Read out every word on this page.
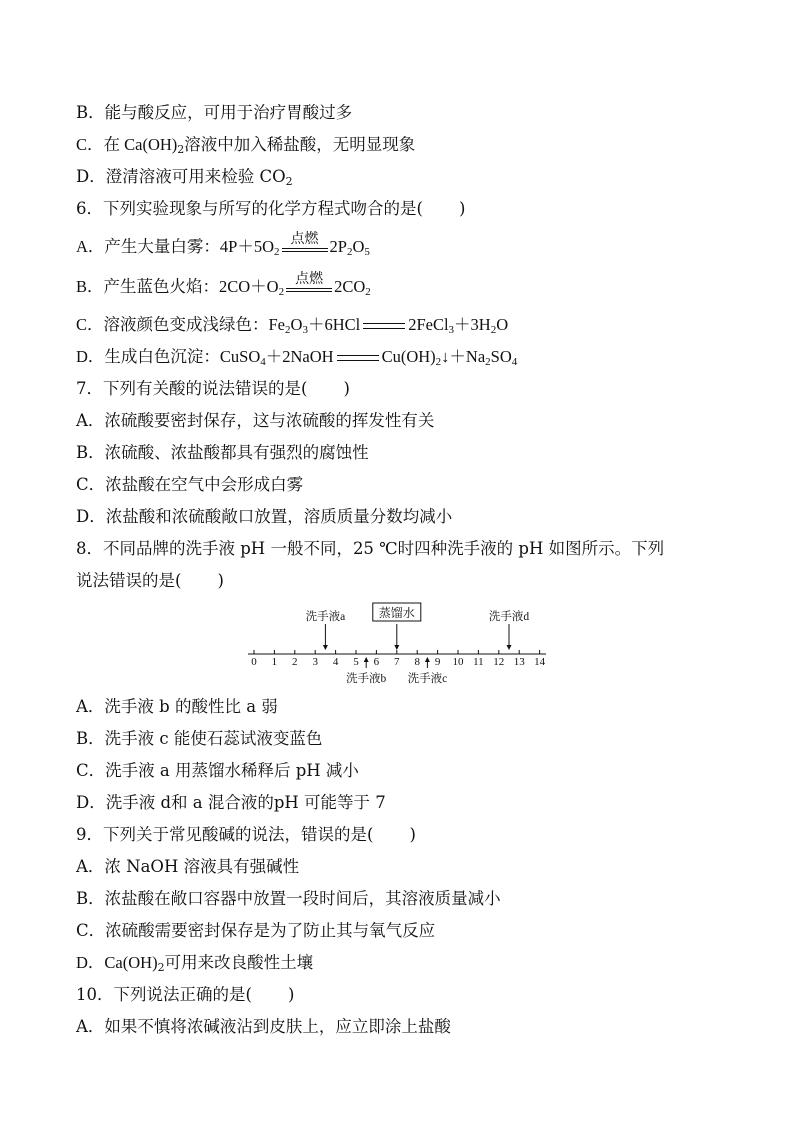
B．能与酸反应，可用于治疗胃酸过多
C．在 $Ca(OH)_2$溶液中加入稀盐酸，无明显现象
D．澄清溶液可用来检验 $CO_2$
6．下列实验现象与所写的化学方程式吻合的是( )
A．产生大量白雾：$4P+5O_2$
点燃 $2P_2O_5$
B．产生蓝色火焰：$2CO+O_2$
点燃 $2CO_2$
C．溶液颜色变成浅绿色：$Fe_2O_3+6HCl$	$2FeCl_3+3H_2O$
D．生成白色沉淀：CuSO$_4$＋2NaOH	$Cu(OH)_2↓+Na_2SO_4$
7．下列有关酸的说法错误的是( )
A．浓硫酸要密封保存，这与浓硫酸的挥发性有关
B．浓硫酸、浓盐酸都具有强烈的腐蚀性
C．浓盐酸在空气中会形成白雾
D．浓盐酸和浓硫酸敞口放置，溶质质量分数均减小
8．不同品牌的洗手液 pH 一般不同，25 ℃时四种洗手液的 pH 如图所示。下列
说法错误的是( )
0 1 2 3 4 5 6 7 8 9 10 11 12 13 14
洗手液a	蒸馏水	洗手液d
洗手液b 洗手液c
A．洗手液 b 的酸性比 a 弱
B．洗手液 c 能使石蕊试液变蓝色
C．洗手液 a 用蒸馏水稀释后 pH 减小
D．洗手液 d和 a 混合液的pH 可能等于 7
9．下列关于常见酸碱的说法，错误的是( )
A．浓 NaOH 溶液具有强碱性
B．浓盐酸在敞口容器中放置一段时间后，其溶液质量减小
C．浓硫酸需要密封保存是为了防止其与氧气反应
D．$Ca(OH)_2$可用来改良酸性土壤
10．下列说法正确的是( )
A．如果不慎将浓碱液沾到皮肤上，应立即涂上盐酸
